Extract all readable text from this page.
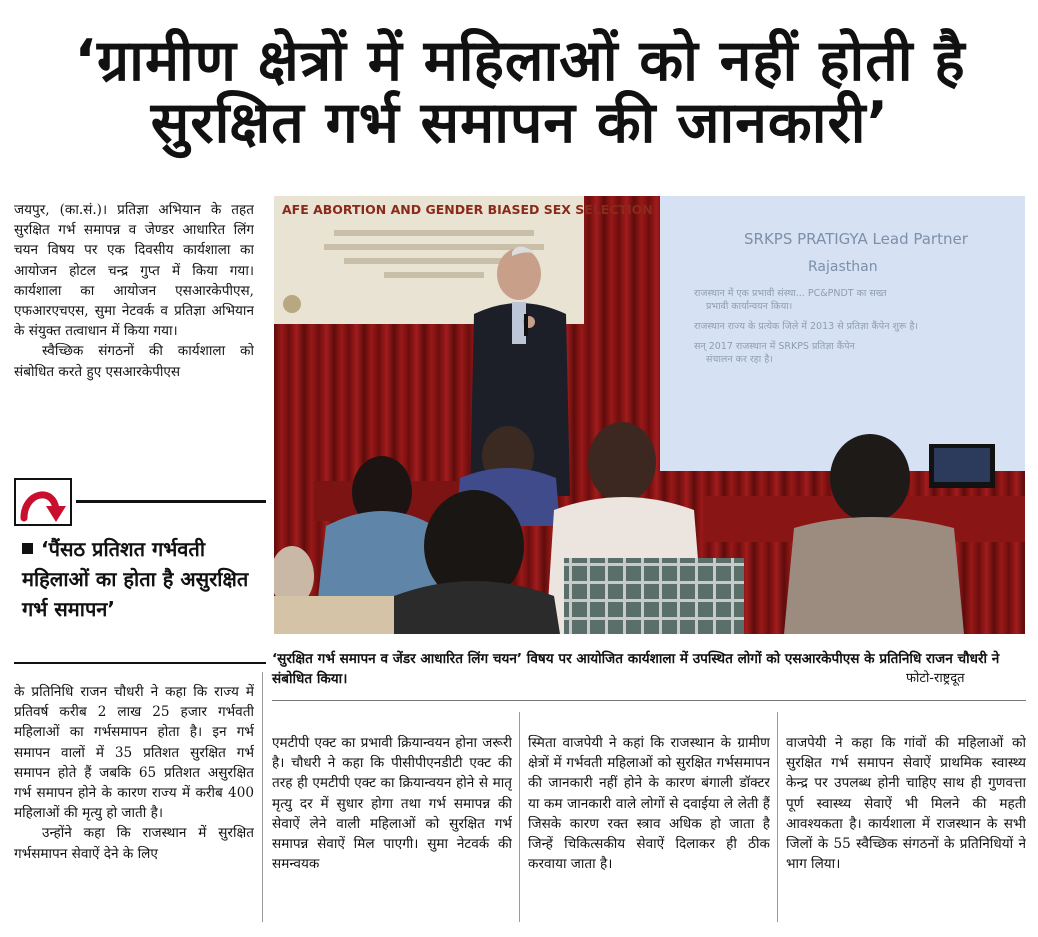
‘ग्रामीण क्षेत्रों में महिलाओं को नहीं होती है सुरक्षित गर्भ समापन की जानकारी’

जयपुर, (का.सं.)। प्रतिज्ञा अभियान के तहत सुरक्षित गर्भ समापन्न व जेण्डर आधारित लिंग चयन विषय पर एक दिवसीय कार्यशाला का आयोजन होटल चन्द्र गुप्त में किया गया। कार्यशाला का आयोजन एसआरकेपीएस, एफआरएचएस, सुमा नेटवर्क व प्रतिज्ञा अभियान के संयुक्त तत्वाधान में किया गया।

स्वैच्छिक संगठनों की कार्यशाला को संबोधित करते हुए एसआरकेपीएस

‘पैंसठ प्रतिशत गर्भवती महिलाओं का होता है असुरक्षित गर्भ समापन’
AFE ABORTION AND GENDER BIASED SEX SELECTION
SRKPS PRATIGYA Lead Partner
Rajasthan
राजस्थान में एक प्रभावी संस्था... PC&PNDT का सख्त
प्रभावी कार्यान्वयन किया।
राजस्थान राज्य के प्रत्येक जिले में 2013 से प्रतिज्ञा कैंपेन शुरू है।
सन् 2017 राजस्थान में SRKPS प्रतिज्ञा कैंपेन
संचालन कर रहा है।
‘सुरक्षित गर्भ समापन व जेंडर आधारित लिंग चयन’ विषय पर आयोजित कार्यशाला में उपस्थित लोगों को एसआरकेपीएस के प्रतिनिधि राजन चौधरी ने संबोधित किया।	फोटो-राष्ट्रदूत

के प्रतिनिधि राजन चौधरी ने कहा कि राज्य में प्रतिवर्ष करीब 2 लाख 25 हजार गर्भवती महिलाओं का गर्भसमापन होता है। इन गर्भ समापन वालों में 35 प्रतिशत सुरक्षित गर्भ समापन होते हैं जबकि 65 प्रतिशत असुरक्षित गर्भ समापन होने के कारण राज्य में करीब 400 महिलाओं की मृत्यु हो जाती है।

उन्होंने कहा कि राजस्थान में सुरक्षित गर्भसमापन सेवाऐं देने के लिए

एमटीपी एक्ट का प्रभावी क्रियान्वयन होना जरूरी है। चौधरी ने कहा कि पीसीपीएनडीटी एक्ट की तरह ही एमटीपी एक्ट का क्रियान्वयन होने से मातृ मृत्यु दर में सुधार होगा तथा गर्भ समापन्न की सेवाऐं लेने वाली महिलाओं को सुरक्षित गर्भ समापन्न सेवाऐं मिल पाएगी। सुमा नेटवर्क की समन्वयक

स्मिता वाजपेयी ने कहां कि राजस्थान के ग्रामीण क्षेत्रों में गर्भवती महिलाओं को सुरक्षित गर्भसमापन की जानकारी नहीं होने के कारण बंगाली डॉक्टर या कम जानकारी वाले लोगों से दवाईया ले लेती हैं जिसके कारण रक्त स्त्राव अधिक हो जाता है जिन्हें चिकित्सकीय सेवाऐं दिलाकर ही ठीक करवाया जाता है।

वाजपेयी ने कहा कि गांवों की महिलाओं को सुरक्षित गर्भ समापन सेवाऐं प्राथमिक स्वास्थ्य केन्द्र पर उपलब्ध होनी चाहिए साथ ही गुणवत्ता पूर्ण स्वास्थ्य सेवाऐं भी मिलने की महती आवश्यकता है। कार्यशाला में राजस्थान के सभी जिलों के 55 स्वैच्छिक संगठनों के प्रतिनिधियों ने भाग लिया।
